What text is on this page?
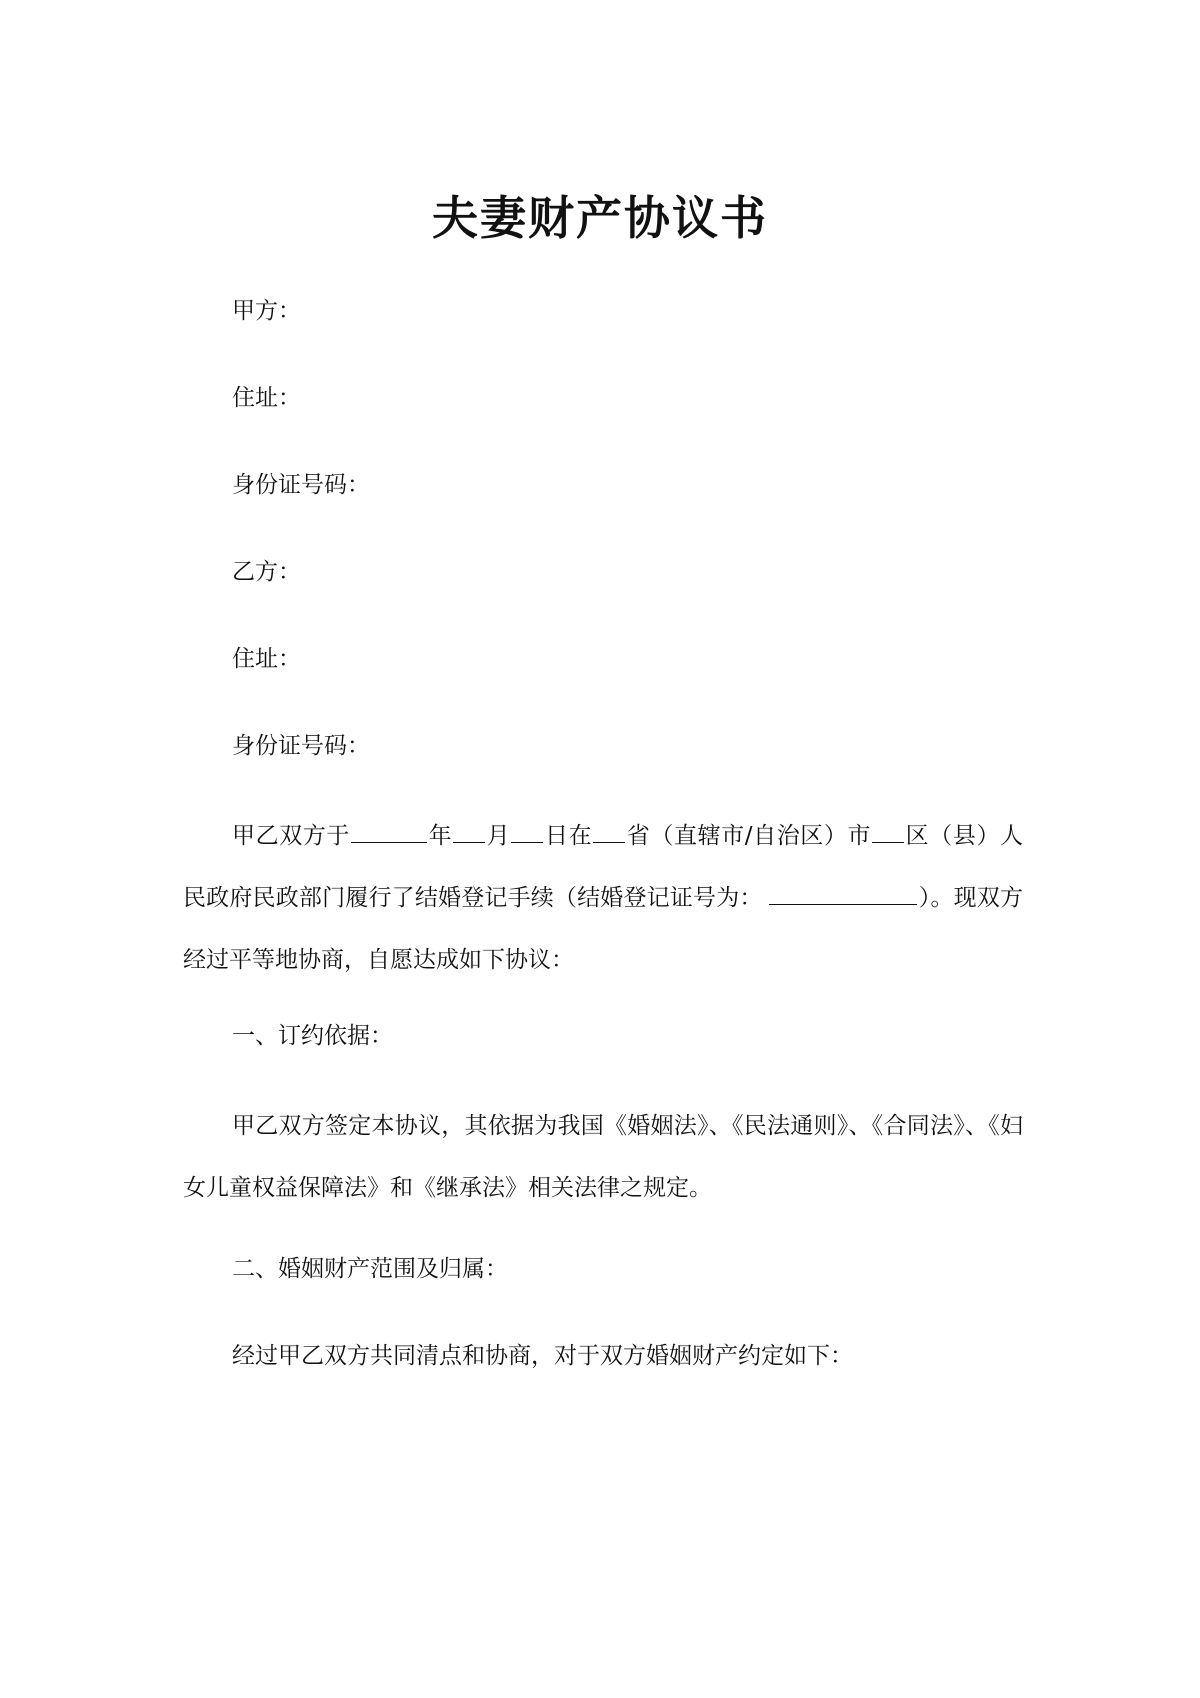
夫妻财产协议书
甲方：
住址：
身份证号码：
乙方：
住址：
身份证号码：
甲乙双方于	年 月 日在 省（直辖市/自治区）市 区（县）人民政府民政部门履行了结婚登记手续（结婚登记证号为：	）。现双方经过平等地协商，自愿达成如下协议：
一、订约依据：
甲乙双方签定本协议，其依据为我国《婚姻法》、《民法通则》、《合同法》、《妇女儿童权益保障法》和《继承法》相关法律之规定。
二、婚姻财产范围及归属：
经过甲乙双方共同清点和协商，对于双方婚姻财产约定如下：
